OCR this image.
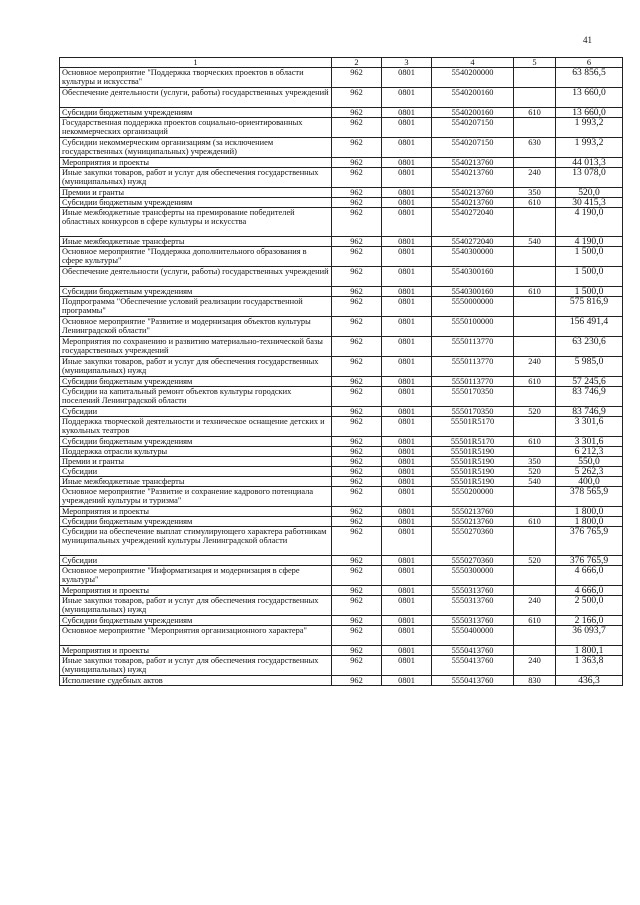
41
1	2	3	4	5	6
Основное мероприятие "Поддержка творческих проектов в области культуры и искусства"	962	0801	5540200000		63 856,5
Обеспечение деятельности (услуги, работы) государственных учреждений	962	0801	5540200160		13 660,0
Субсидии бюджетным учреждениям	962	0801	5540200160	610	13 660,0
Государственная поддержка проектов социально-ориентированных некоммерческих организаций	962	0801	5540207150		1 993,2
Субсидии некоммерческим организациям (за исключением государственных (муниципальных) учреждений)	962	0801	5540207150	630	1 993,2
Мероприятия и проекты	962	0801	5540213760		44 013,3
Иные закупки товаров, работ и услуг для обеспечения государственных (муниципальных) нужд	962	0801	5540213760	240	13 078,0
Премии и гранты	962	0801	5540213760	350	520,0
Субсидии бюджетным учреждениям	962	0801	5540213760	610	30 415,3
Иные межбюджетные трансферты на премирование победителей областных конкурсов в сфере культуры и искусства	962	0801	5540272040		4 190,0
Иные межбюджетные трансферты	962	0801	5540272040	540	4 190,0
Основное мероприятие "Поддержка дополнительного образования в сфере культуры"	962	0801	5540300000		1 500,0
Обеспечение деятельности (услуги, работы) государственных учреждений	962	0801	5540300160		1 500,0
Субсидии бюджетным учреждениям	962	0801	5540300160	610	1 500,0
Подпрограмма "Обеспечение условий реализации государственной программы"	962	0801	5550000000		575 816,9
Основное мероприятие "Развитие и модернизация объектов культуры Ленинградской области"	962	0801	5550100000		156 491,4
Мероприятия по сохранению и развитию материально-технической базы государственных учреждений	962	0801	5550113770		63 230,6
Иные закупки товаров, работ и услуг для обеспечения государственных (муниципальных) нужд	962	0801	5550113770	240	5 985,0
Субсидии бюджетным учреждениям	962	0801	5550113770	610	57 245,6
Субсидии на капитальный ремонт объектов культуры городских поселений Ленинградской области	962	0801	5550170350		83 746,9
Субсидии	962	0801	5550170350	520	83 746,9
Поддержка творческой деятельности и техническое оснащение детских и кукольных театров	962	0801	55501R5170		3 301,6
Субсидии бюджетным учреждениям	962	0801	55501R5170	610	3 301,6
Поддержка отрасли культуры	962	0801	55501R5190		6 212,3
Премии и гранты	962	0801	55501R5190	350	550,0
Субсидии	962	0801	55501R5190	520	5 262,3
Иные межбюджетные трансферты	962	0801	55501R5190	540	400,0
Основное мероприятие "Развитие и сохранение кадрового потенциала учреждений культуры и туризма"	962	0801	5550200000		378 565,9
Мероприятия и проекты	962	0801	5550213760		1 800,0
Субсидии бюджетным учреждениям	962	0801	5550213760	610	1 800,0
Субсидии на обеспечение выплат стимулирующего характера работникам муниципальных учреждений культуры Ленинградской области	962	0801	5550270360		376 765,9
Субсидии	962	0801	5550270360	520	376 765,9
Основное мероприятие "Информатизация и модернизация в сфере культуры"	962	0801	5550300000		4 666,0
Мероприятия и проекты	962	0801	5550313760		4 666,0
Иные закупки товаров, работ и услуг для обеспечения государственных (муниципальных) нужд	962	0801	5550313760	240	2 500,0
Субсидии бюджетным учреждениям	962	0801	5550313760	610	2 166,0
Основное мероприятие "Мероприятия организационного характера"	962	0801	5550400000		36 093,7
Мероприятия и проекты	962	0801	5550413760		1 800,1
Иные закупки товаров, работ и услуг для обеспечения государственных (муниципальных) нужд	962	0801	5550413760	240	1 363,8
Исполнение судебных актов	962	0801	5550413760	830	436,3
